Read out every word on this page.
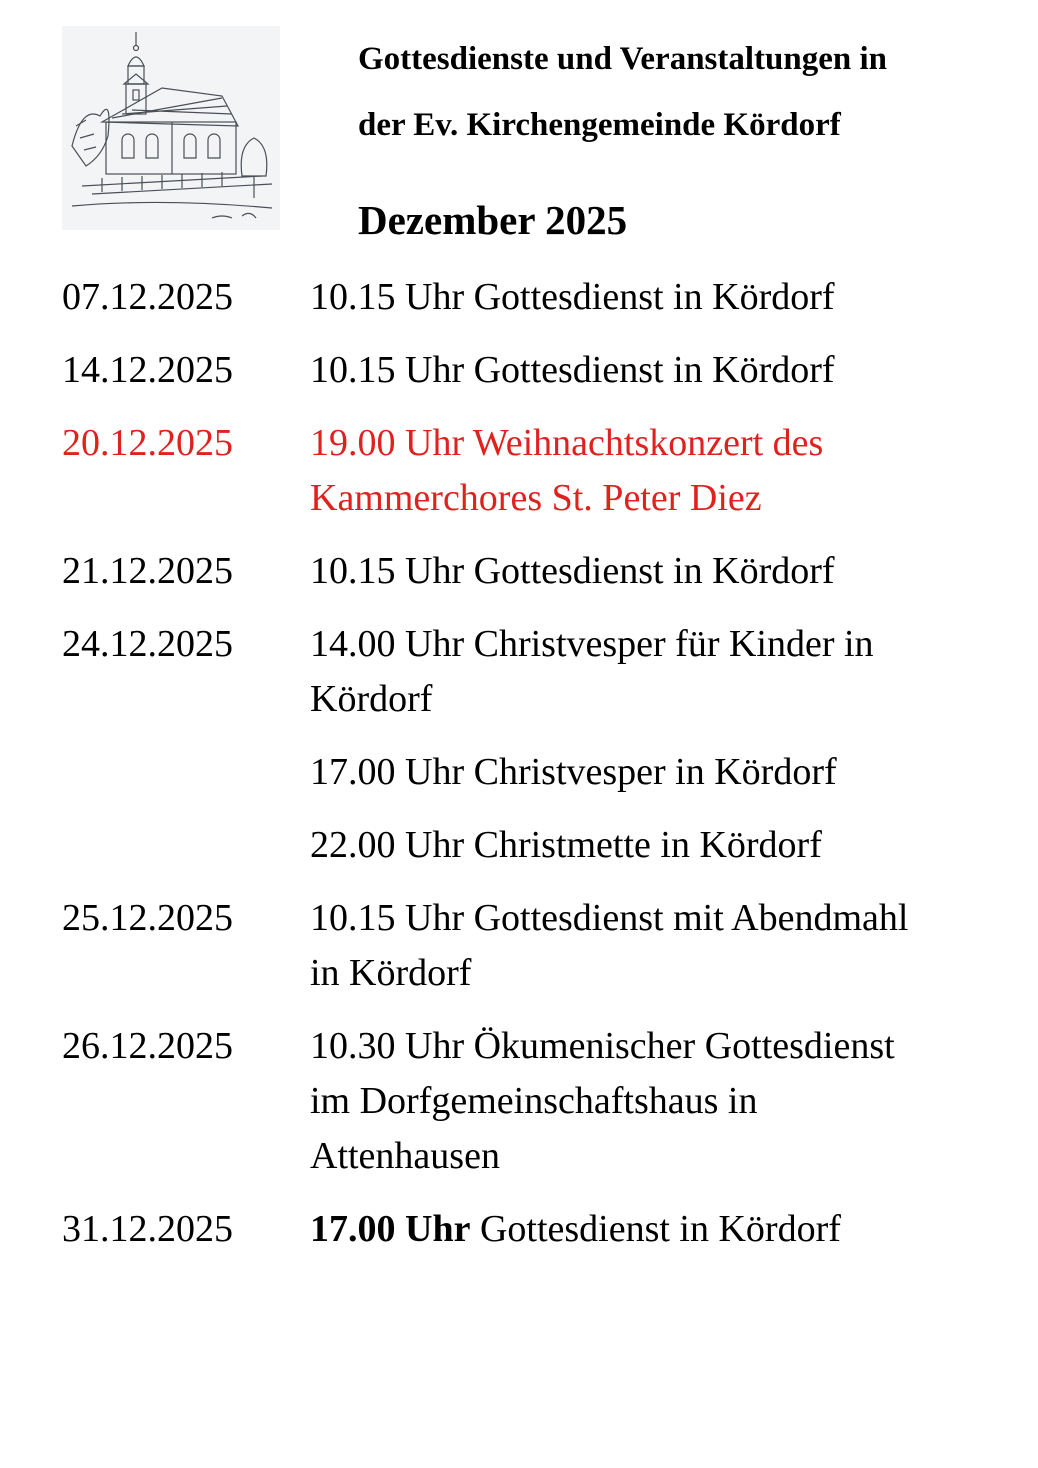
Gottesdienste und Veranstaltungen in
der Ev. Kirchengemeinde Kördorf
Dezember 2025
07.12.2025	10.15 Uhr Gottesdienst in Kördorf
14.12.2025	10.15 Uhr Gottesdienst in Kördorf
20.12.2025	19.00 Uhr Weihnachtskonzert des
Kammerchores St. Peter Diez
21.12.2025	10.15 Uhr Gottesdienst in Kördorf
24.12.2025	14.00 Uhr Christvesper für Kinder in
Kördorf
17.00 Uhr Christvesper in Kördorf
22.00 Uhr Christmette in Kördorf
25.12.2025	10.15 Uhr Gottesdienst mit Abendmahl
in Kördorf
26.12.2025	10.30 Uhr Ökumenischer Gottesdienst
im Dorfgemeinschaftshaus in
Attenhausen
31.12.2025	17.00 Uhr Gottesdienst in Kördorf
